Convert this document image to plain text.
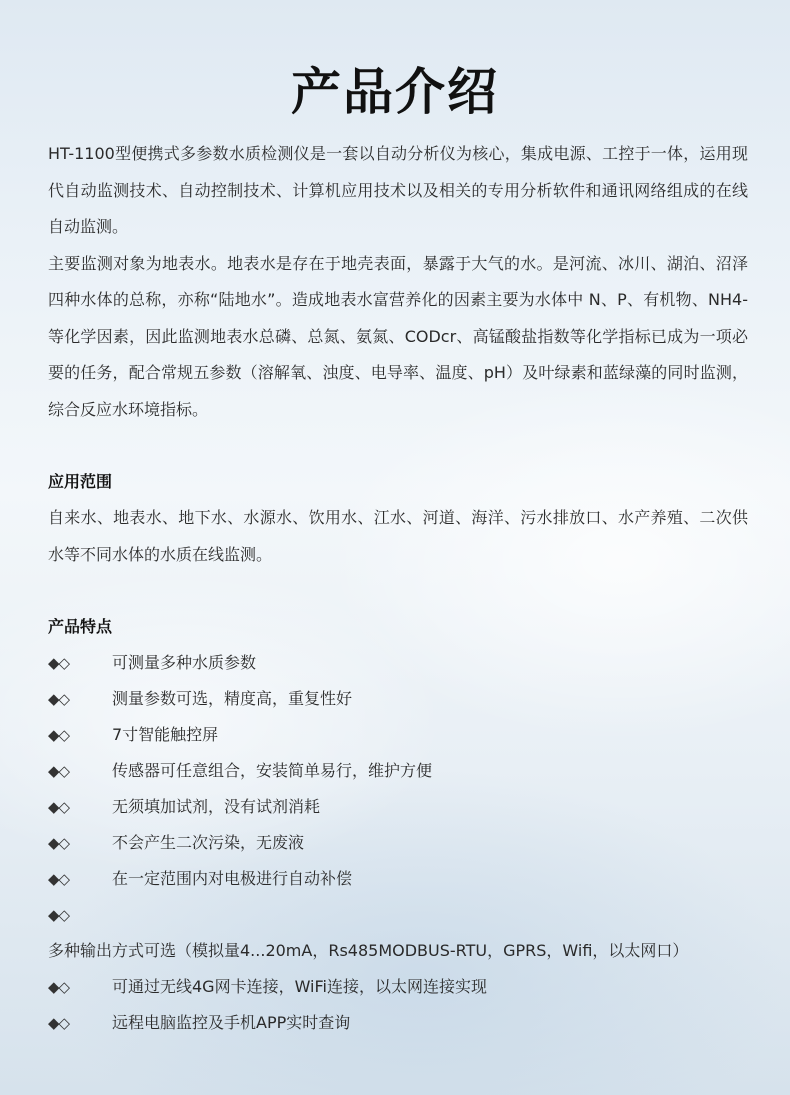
产品介绍

HT-1100型便携式多参数水质检测仪是一套以自动分析仪为核心，集成电源、工控于一体，运用现代自动监测技术、自动控制技术、计算机应用技术以及相关的专用分析软件和通讯网络组成的在线自动监测。

主要监测对象为地表水。地表水是存在于地壳表面，暴露于大气的水。是河流、冰川、湖泊、沼泽四种水体的总称，亦称“陆地水”。造成地表水富营养化的因素主要为水体中 N、P、有机物、NH4-等化学因素，因此监测地表水总磷、总氮、氨氮、CODcr、高锰酸盐指数等化学指标已成为一项必要的任务，配合常规五参数（溶解氧、浊度、电导率、温度、pH）及叶绿素和蓝绿藻的同时监测，综合反应水环境指标。

应用范围

自来水、地表水、地下水、水源水、饮用水、江水、河道、海洋、污水排放口、水产养殖、二次供水等不同水体的水质在线监测。

产品特点

◆◇	可测量多种水质参数
◆◇	测量参数可选，精度高，重复性好
◆◇	7寸智能触控屏
◆◇	传感器可任意组合，安装简单易行，维护方便
◆◇	无须填加试剂，没有试剂消耗
◆◇	不会产生二次污染，无废液
◆◇	在一定范围内对电极进行自动补偿
◆◇多种输出方式可选（模拟量4...20mA，Rs485MODBUS-RTU，GPRS，Wifi，以太网口）
◆◇	可通过无线4G网卡连接，WiFi连接，以太网连接实现
◆◇	远程电脑监控及手机APP实时查询
